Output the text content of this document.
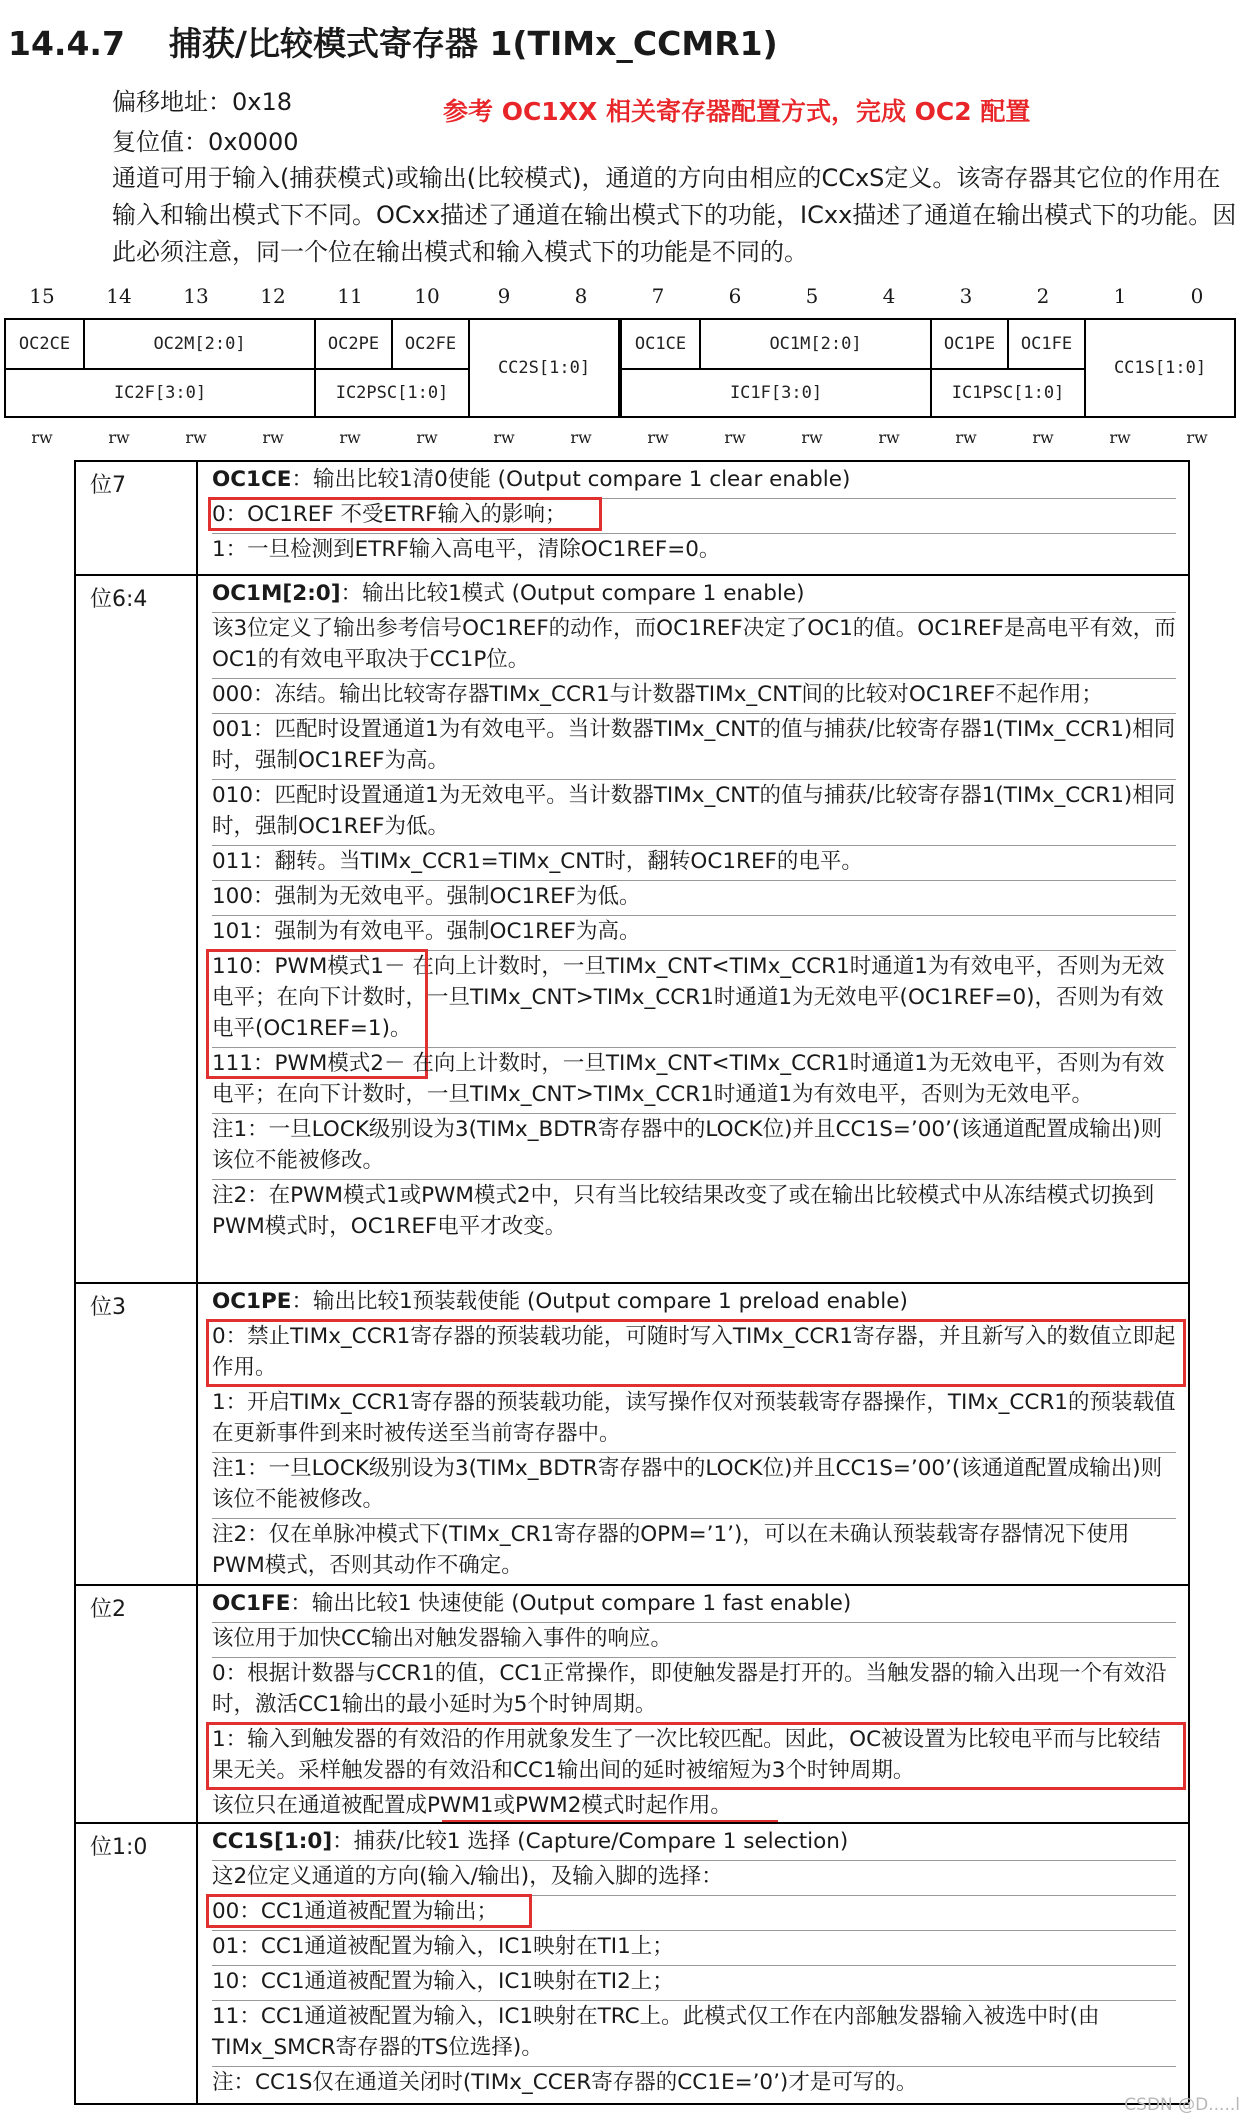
14.4.7 捕获/比较模式寄存器 1(TIMx_CCMR1)
偏移地址：0x18
复位值：0x0000
参考 OC1XX 相关寄存器配置方式，完成 OC2 配置
通道可用于输入(捕获模式)或输出(比较模式)，通道的方向由相应的CCxS定义。该寄存器其它位的作用在输入和输出模式下不同。OCxx描述了通道在输出模式下的功能，ICxx描述了通道在输出模式下的功能。因此必须注意，同一个位在输出模式和输入模式下的功能是不同的。
15	14	13	12	11	10	9	8	7	6	5	4	3	2	1	0
OC2CE	OC2M[2:0]	OC2PE	OC2FE
IC2F[3:0]	IC2PSC[1:0]
CC2S[1:0]
OC1CE	OC1M[2:0]	OC1PE	OC1FE
IC1F[3:0]	IC1PSC[1:0]
CC1S[1:0]
rw	rw	rw	rw	rw	rw	rw	rw	rw	rw	rw	rw	rw	rw	rw	rw
位7	OC1CE：输出比较1清0使能 (Output compare 1 clear enable)
0：OC1REF 不受ETRF输入的影响；
1：一旦检测到ETRF输入高电平，清除OC1REF=0。
位6:4	OC1M[2:0]：输出比较1模式 (Output compare 1 enable)
该3位定义了输出参考信号OC1REF的动作，而OC1REF决定了OC1的值。OC1REF是高电平有效，而OC1的有效电平取决于CC1P位。
000：冻结。输出比较寄存器TIMx_CCR1与计数器TIMx_CNT间的比较对OC1REF不起作用；
001：匹配时设置通道1为有效电平。当计数器TIMx_CNT的值与捕获/比较寄存器1(TIMx_CCR1)相同时，强制OC1REF为高。
010：匹配时设置通道1为无效电平。当计数器TIMx_CNT的值与捕获/比较寄存器1(TIMx_CCR1)相同时，强制OC1REF为低。
011：翻转。当TIMx_CCR1=TIMx_CNT时，翻转OC1REF的电平。
100：强制为无效电平。强制OC1REF为低。
101：强制为有效电平。强制OC1REF为高。
110：PWM模式1－ 在向上计数时，一旦TIMx_CNT<TIMx_CCR1时通道1为有效电平，否则为无效电平；在向下计数时，一旦TIMx_CNT>TIMx_CCR1时通道1为无效电平(OC1REF=0)，否则为有效电平(OC1REF=1)。
111：PWM模式2－ 在向上计数时，一旦TIMx_CNT<TIMx_CCR1时通道1为无效电平，否则为有效电平；在向下计数时，一旦TIMx_CNT>TIMx_CCR1时通道1为有效电平，否则为无效电平。
注1：一旦LOCK级别设为3(TIMx_BDTR寄存器中的LOCK位)并且CC1S=’00’(该通道配置成输出)则该位不能被修改。
注2：在PWM模式1或PWM模式2中，只有当比较结果改变了或在输出比较模式中从冻结模式切换到PWM模式时，OC1REF电平才改变。
位3	OC1PE：输出比较1预装载使能 (Output compare 1 preload enable)
0：禁止TIMx_CCR1寄存器的预装载功能，可随时写入TIMx_CCR1寄存器，并且新写入的数值立即起作用。
1：开启TIMx_CCR1寄存器的预装载功能，读写操作仅对预装载寄存器操作，TIMx_CCR1的预装载值在更新事件到来时被传送至当前寄存器中。
注1：一旦LOCK级别设为3(TIMx_BDTR寄存器中的LOCK位)并且CC1S=’00’(该通道配置成输出)则该位不能被修改。
注2：仅在单脉冲模式下(TIMx_CR1寄存器的OPM=’1’)，可以在未确认预装载寄存器情况下使用PWM模式，否则其动作不确定。
位2	OC1FE：输出比较1 快速使能 (Output compare 1 fast enable)
该位用于加快CC输出对触发器输入事件的响应。
0：根据计数器与CCR1的值，CC1正常操作，即使触发器是打开的。当触发器的输入出现一个有效沿时，激活CC1输出的最小延时为5个时钟周期。
1：输入到触发器的有效沿的作用就象发生了一次比较匹配。因此，OC被设置为比较电平而与比较结果无关。采样触发器的有效沿和CC1输出间的延时被缩短为3个时钟周期。
该位只在通道被配置成PWM1或PWM2模式时起作用。
位1:0	CC1S[1:0]：捕获/比较1 选择 (Capture/Compare 1 selection)
这2位定义通道的方向(输入/输出)，及输入脚的选择：
00：CC1通道被配置为输出；
01：CC1通道被配置为输入，IC1映射在TI1上；
10：CC1通道被配置为输入，IC1映射在TI2上；
11：CC1通道被配置为输入，IC1映射在TRC上。此模式仅工作在内部触发器输入被选中时(由TIMx_SMCR寄存器的TS位选择)。
注：CC1S仅在通道关闭时(TIMx_CCER寄存器的CC1E=’0’)才是可写的。
CSDN @D.....l
